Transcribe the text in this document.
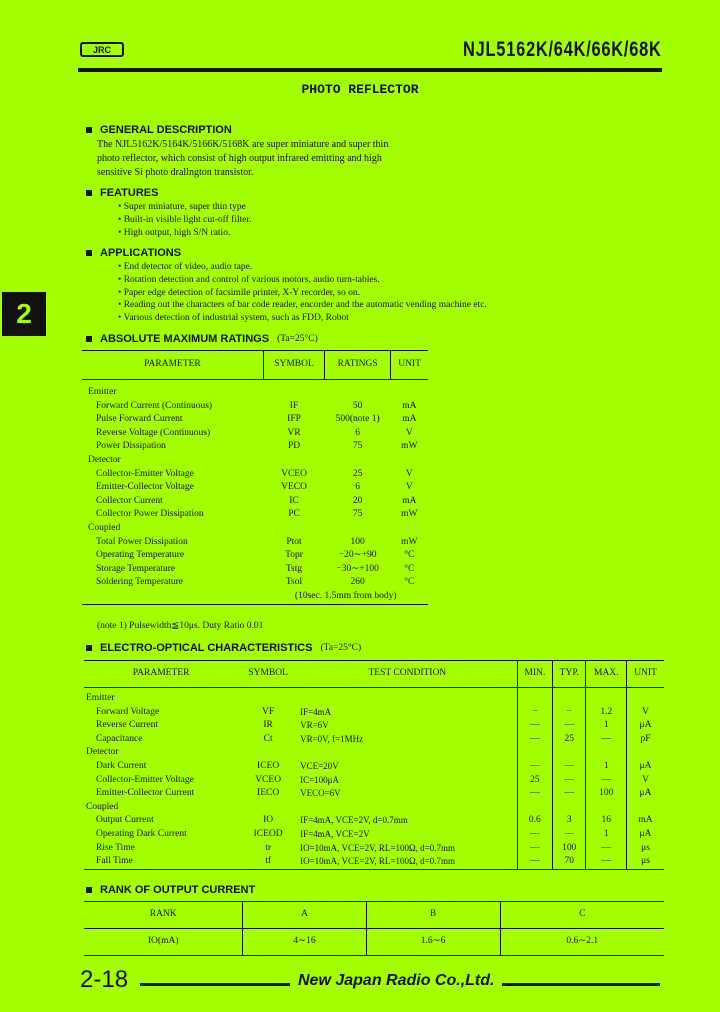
JRC	NJL5162K/64K/66K/68K
PHOTO REFLECTOR
2
GENERAL DESCRIPTION
The NJL5162K/5164K/5166K/5168K are super miniature and super thin
photo reflector, which consist of high output infrared emitting and high
sensitive Si photo drallngton transistor.
FEATURES
• Super miniature, super thin type
• Built-in visible light cut-off filter.
• High output, high S/N ratio.
APPLICATIONS
• End detector of video, audio tape.
• Rotation detection and control of various motors, audio turn-tables.
• Paper edge detection of facsimile printer, X-Y recorder, so on.
• Reading out the characters of bar code reader, encorder and the automatic vending machine etc.
• Various detection of industrial system, such as FDD, Robot
ABSOLUTE MAXIMUM RATINGS (Ta=25°C)
PARAMETER	SYMBOL	RATINGS	UNIT

Emitter			
Forward Current (Continuous)	IF	50	mA
Pulse Forward Current	IFP	500(note 1)	mA
Reverse Voltage (Continuous)	VR	6	V
Power Dissipation	PD	75	mW
Detector			
Collector-Emitter Voltage	VCEO	25	V
Emitter-Collector Voltage	VECO	6	V
Collector Current	IC	20	mA
Collector Power Dissipation	PC	75	mW
Coupled			
Total Power Dissipation	Ptot	100	mW
Operating Temperature	Topr	−20∼+90	°C
Storage Temperature	Tstg	−30∼+100	°C
Soldering Temperature	Tsol	260	°C
	(10sec. 1.5mm from body)		
(note 1) Pulsewidth≦10μs. Duty Ratio 0.01
ELECTRO-OPTICAL CHARACTERISTICS (Ta=25°C)
PARAMETER	SYMBOL	TEST CONDITION	MIN.	TYP.	MAX.	UNIT

Emitter						
Forward Voltage	VF	IF=4mA	−	−	1.2	V
Reverse Current	IR	VR=6V	—	—	1	μA
Capacitance	Ct	VR=0V, f=1MHz	—	25	—	pF
Detector						
Dark Current	ICEO	VCE=20V	—	—	1	μA
Collector-Emitter Voltage	VCEO	IC=100μA	25	—	—	V
Emitter-Collector Current	IECO	VECO=6V	—	—	100	μA
Coupled						
Output Current	IO	IF=4mA, VCE=2V, d=0.7mm	0.6	3	16	mA
Operating Dark Current	ICEOD	IF=4mA, VCE=2V	—	—	1	μA
Rise Time	tr	IO=10mA, VCE=2V, RL=100Ω, d=0.7mm	—	100	—	μs
Fall Time	tf	IO=10mA, VCE=2V, RL=100Ω, d=0.7mm	—	70	—	μs
RANK OF OUTPUT CURRENT
RANK	A	B	C
IO(mA)	4∼16	1.6∼6	0.6∼2.1
2-18	New Japan Radio Co.,Ltd.
